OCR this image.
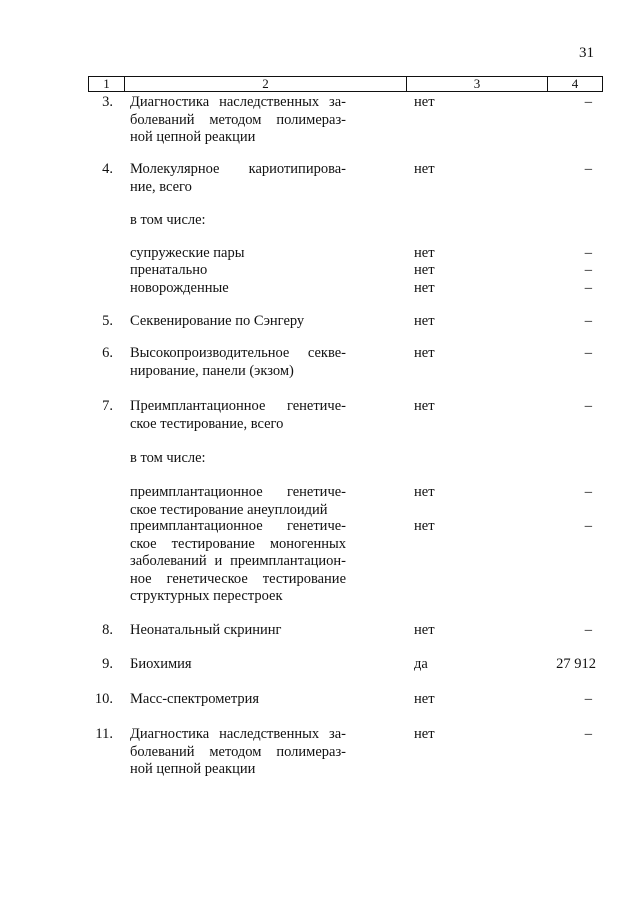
31
1	2	3	4
3. Диагностика наследственных за-
болеваний методом полимераз-
ной цепной реакции
нет	–
4. Молекулярное кариотипирова-
ние, всего
нет	–
в том числе:
супружеские пары	нет	–
пренатально	нет	–
новорожденные	нет	–
5. Секвенирование по Сэнгеру	нет	–
6. Высокопроизводительное секве-
нирование, панели (экзом)
нет	–
7. Преимплантационное генетиче-
ское тестирование, всего
нет	–
в том числе:
преимплантационное генетиче-
ское тестирование анеуплоидий
нет	–
преимплантационное генетиче-
ское тестирование моногенных
заболеваний и преимплантацион-
ное генетическое тестирование
структурных перестроек
нет	–
8. Неонатальный скрининг	нет	–
9. Биохимия	да	27 912
10. Масс-спектрометрия	нет	–
11. Диагностика наследственных за-
болеваний методом полимераз-
ной цепной реакции
нет	–
